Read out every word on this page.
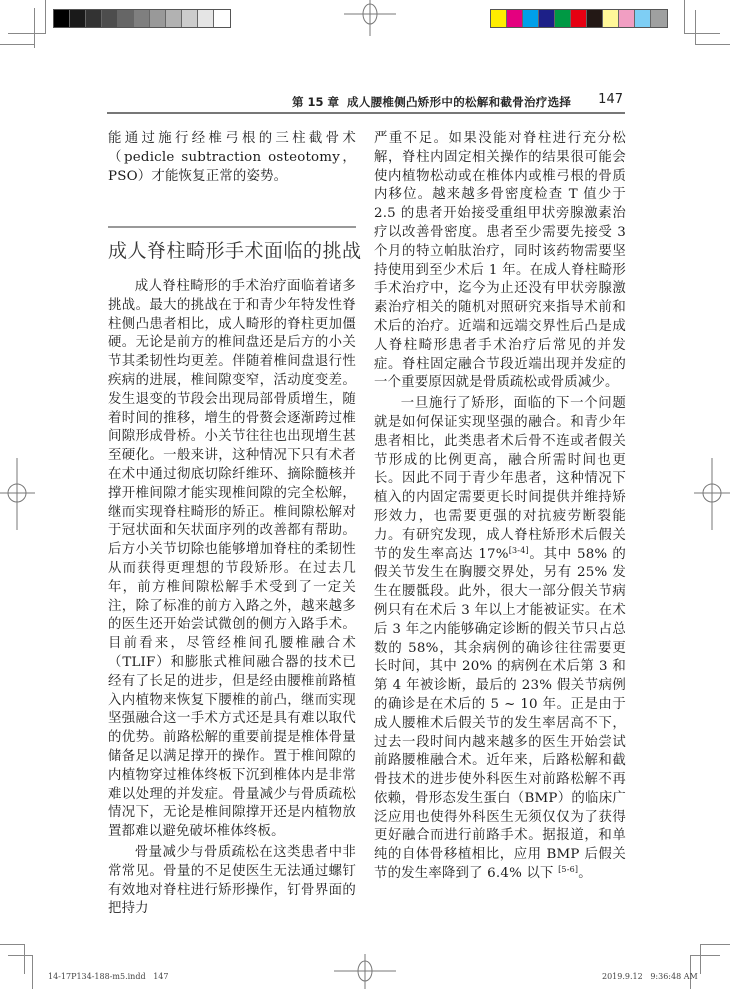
第 15 章 成人腰椎侧凸矫形中的松解和截骨治疗选择 147

能通过施行经椎弓根的三柱截骨术（pedicle subtraction osteotomy，PSO）才能恢复正常的姿势。

成人脊柱畸形手术面临的挑战

成人脊柱畸形的手术治疗面临着诸多挑战。最大的挑战在于和青少年特发性脊柱侧凸患者相比，成人畸形的脊柱更加僵硬。无论是前方的椎间盘还是后方的小关节其柔韧性均更差。伴随着椎间盘退行性疾病的进展，椎间隙变窄，活动度变差。发生退变的节段会出现局部骨质增生，随着时间的推移，增生的骨赘会逐渐跨过椎间隙形成骨桥。小关节往往也出现增生甚至硬化。一般来讲，这种情况下只有术者在术中通过彻底切除纤维环、摘除髓核并撑开椎间隙才能实现椎间隙的完全松解，继而实现脊柱畸形的矫正。椎间隙松解对于冠状面和矢状面序列的改善都有帮助。后方小关节切除也能够增加脊柱的柔韧性从而获得更理想的节段矫形。在过去几年，前方椎间隙松解手术受到了一定关注，除了标准的前方入路之外，越来越多的医生还开始尝试微创的侧方入路手术。目前看来，尽管经椎间孔腰椎融合术（TLIF）和膨胀式椎间融合器的技术已经有了长足的进步，但是经由腰椎前路植入内植物来恢复下腰椎的前凸，继而实现坚强融合这一手术方式还是具有难以取代的优势。前路松解的重要前提是椎体骨量储备足以满足撑开的操作。置于椎间隙的内植物穿过椎体终板下沉到椎体内是非常难以处理的并发症。骨量减少与骨质疏松情况下，无论是椎间隙撑开还是内植物放置都难以避免破坏椎体终板。

骨量减少与骨质疏松在这类患者中非常常见。骨量的不足使医生无法通过螺钉有效地对脊柱进行矫形操作，钉骨界面的把持力

严重不足。如果没能对脊柱进行充分松解，脊柱内固定相关操作的结果很可能会使内植物松动或在椎体内或椎弓根的骨质内移位。越来越多骨密度检查 T 值少于 2.5 的患者开始接受重组甲状旁腺激素治疗以改善骨密度。患者至少需要先接受 3 个月的特立帕肽治疗，同时该药物需要坚持使用到至少术后 1 年。在成人脊柱畸形手术治疗中，迄今为止还没有甲状旁腺激素治疗相关的随机对照研究来指导术前和术后的治疗。近端和远端交界性后凸是成人脊柱畸形患者手术治疗后常见的并发症。脊柱固定融合节段近端出现并发症的一个重要原因就是骨质疏松或骨质减少。

一旦施行了矫形，面临的下一个问题就是如何保证实现坚强的融合。和青少年患者相比，此类患者术后骨不连或者假关节形成的比例更高，融合所需时间也更长。因此不同于青少年患者，这种情况下植入的内固定需要更长时间提供并维持矫形效力，也需要更强的对抗疲劳断裂能力。有研究发现，成人脊柱矫形术后假关节的发生率高达 17%[3-4]。其中 58% 的假关节发生在胸腰交界处，另有 25% 发生在腰骶段。此外，很大一部分假关节病例只有在术后 3 年以上才能被证实。在术后 3 年之内能够确定诊断的假关节只占总数的 58%，其余病例的确诊往往需要更长时间，其中 20% 的病例在术后第 3 和第 4 年被诊断，最后的 23% 假关节病例的确诊是在术后的 5 ~ 10 年。正是由于成人腰椎术后假关节的发生率居高不下，过去一段时间内越来越多的医生开始尝试前路腰椎融合术。近年来，后路松解和截骨技术的进步使外科医生对前路松解不再依赖，骨形态发生蛋白（BMP）的临床广泛应用也使得外科医生无须仅仅为了获得更好融合而进行前路手术。据报道，和单纯的自体骨移植相比，应用 BMP 后假关节的发生率降到了 6.4% 以下 [5-6]。

14-17P134-188-m5.indd   147	2019.9.12   9:36:48 AM
